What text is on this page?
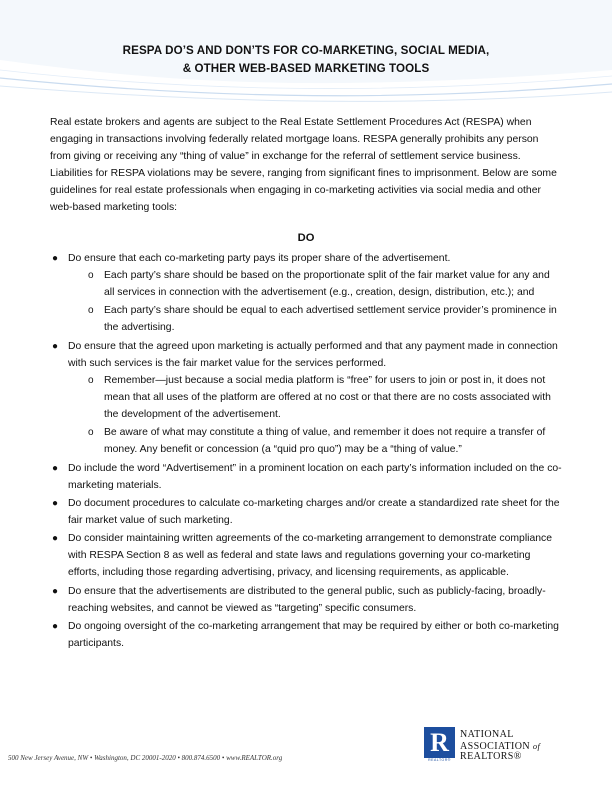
RESPA DO’S AND DON’TS FOR CO-MARKETING, SOCIAL MEDIA,
& OTHER WEB-BASED MARKETING TOOLS
Real estate brokers and agents are subject to the Real Estate Settlement Procedures Act (RESPA) when engaging in transactions involving federally related mortgage loans. RESPA generally prohibits any person from giving or receiving any “thing of value” in exchange for the referral of settlement service business. Liabilities for RESPA violations may be severe, ranging from significant fines to imprisonment. Below are some guidelines for real estate professionals when engaging in co-marketing activities via social media and other web-based marketing tools:
DO
● Do ensure that each co-marketing party pays its proper share of the advertisement.
o Each party’s share should be based on the proportionate split of the fair market value for any and all services in connection with the advertisement (e.g., creation, design, distribution, etc.); and
o Each party’s share should be equal to each advertised settlement service provider’s prominence in the advertising.
● Do ensure that the agreed upon marketing is actually performed and that any payment made in connection with such services is the fair market value for the services performed.
o Remember—just because a social media platform is “free” for users to join or post in, it does not mean that all uses of the platform are offered at no cost or that there are no costs associated with the development of the advertisement.
o Be aware of what may constitute a thing of value, and remember it does not require a transfer of money. Any benefit or concession (a “quid pro quo”) may be a “thing of value.”
● Do include the word “Advertisement” in a prominent location on each party’s information included on the co-marketing materials.
● Do document procedures to calculate co-marketing charges and/or create a standardized rate sheet for the fair market value of such marketing.
● Do consider maintaining written agreements of the co-marketing arrangement to demonstrate compliance with RESPA Section 8 as well as federal and state laws and regulations governing your co-marketing efforts, including those regarding advertising, privacy, and licensing requirements, as applicable.
● Do ensure that the advertisements are distributed to the general public, such as publicly-facing, broadly-reaching websites, and cannot be viewed as “targeting” specific consumers.
● Do ongoing oversight of the co-marketing arrangement that may be required by either or both co-marketing participants.
500 New Jersey Avenue, NW • Washington, DC 20001-2020 • 800.874.6500 • www.REALTOR.org
R
REALTOR®
NATIONAL
ASSOCIATION of
REALTORS®
